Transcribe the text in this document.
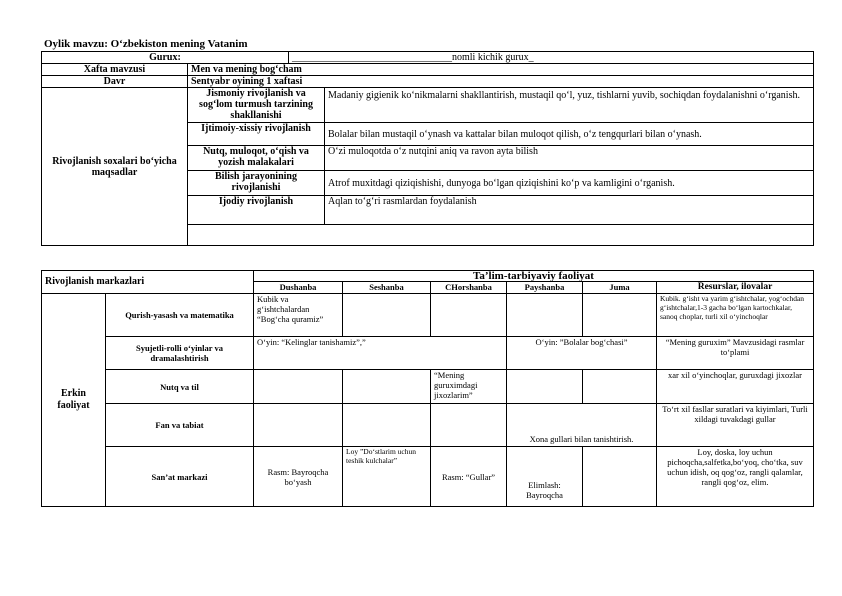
Oylik mavzu: O‘zbekiston mening Vatanim
Gurux:		________________________________nomli kichik gurux_	
Xafta mavzusi	Men va mening bog‘cham		
Davr	Sentyabr oyining 1 xaftasi		
Rivojlanish soxalari bo‘yicha maqsadlar	Jismoniy rivojlanish va sog‘lom turmush tarzining shakllanishi		Madaniy gigienik ko‘nikmalarni shakllantirish, mustaqil qo‘l, yuz, tishlarni yuvib, sochiqdan foydalanishni o‘rganish.
	Ijtimoiy-xissiy rivojlanish		Bolalar bilan mustaqil o‘ynash va kattalar bilan muloqot qilish, o‘z tengqurlari bilan o‘ynash.
	Nutq, muloqot, o‘qish va yozish malakalari		O‘zi muloqotda o‘z nutqini aniq va ravon ayta bilish
	Bilish jarayonining rivojlanishi		Atrof muxitdagi qiziqishishi, dunyoga bo‘lgan qiziqishini ko‘p va kamligini o‘rganish.
	Ijodiy rivojlanish		Aqlan to‘g‘ri rasmlardan foydalanish

Rivojlanish markazlari		Ta’lim-tarbiyaviy faoliyat					
		Dushanba	Seshanba	CHorshanba	Payshanba	Juma	Resurslar, ilovalar
Erkin faoliyat	Qurish-yasash va matematika	Kubik va g‘ishtchalardan “Bog‘cha quramiz”					Kubik. g‘isht va yarim g‘ishtchalar, yog‘ochdan g‘ishtchalar,1-3 gacha bo‘lgan kartochkalar, sanoq choplar, turli xil o‘yinchoqlar
	Syujetli-rolli o‘yinlar va dramalashtirish	O‘yin: “Kelinglar tanishamiz”,”			O‘yin: ”Bolalar bog‘chasi”		“Mening guruxim” Mavzusidagi rasmlar to‘plami
	Nutq va til			“Mening guruximdagi jixozlarim”			xar xil o‘yinchoqlar, guruxdagi jixozlar
	Fan va tabiat				Xona gullari bilan tanishtirish.		To‘rt xil fasllar suratlari va kiyimlari, Turli xildagi tuvakdagi gullar
	San’at markazi	Rasm: Bayroqcha bo‘yash	Loy ”Do‘stlarim uchun teshik kulchalar”	Rasm: “Gullar”	Elimlash: Bayroqcha		Loy, doska, loy uchun pichoqcha,salfetka,bo‘yoq, cho‘tka, suv uchun idish, oq qog‘oz, rangli qalamlar, rangli qog‘oz, elim.
